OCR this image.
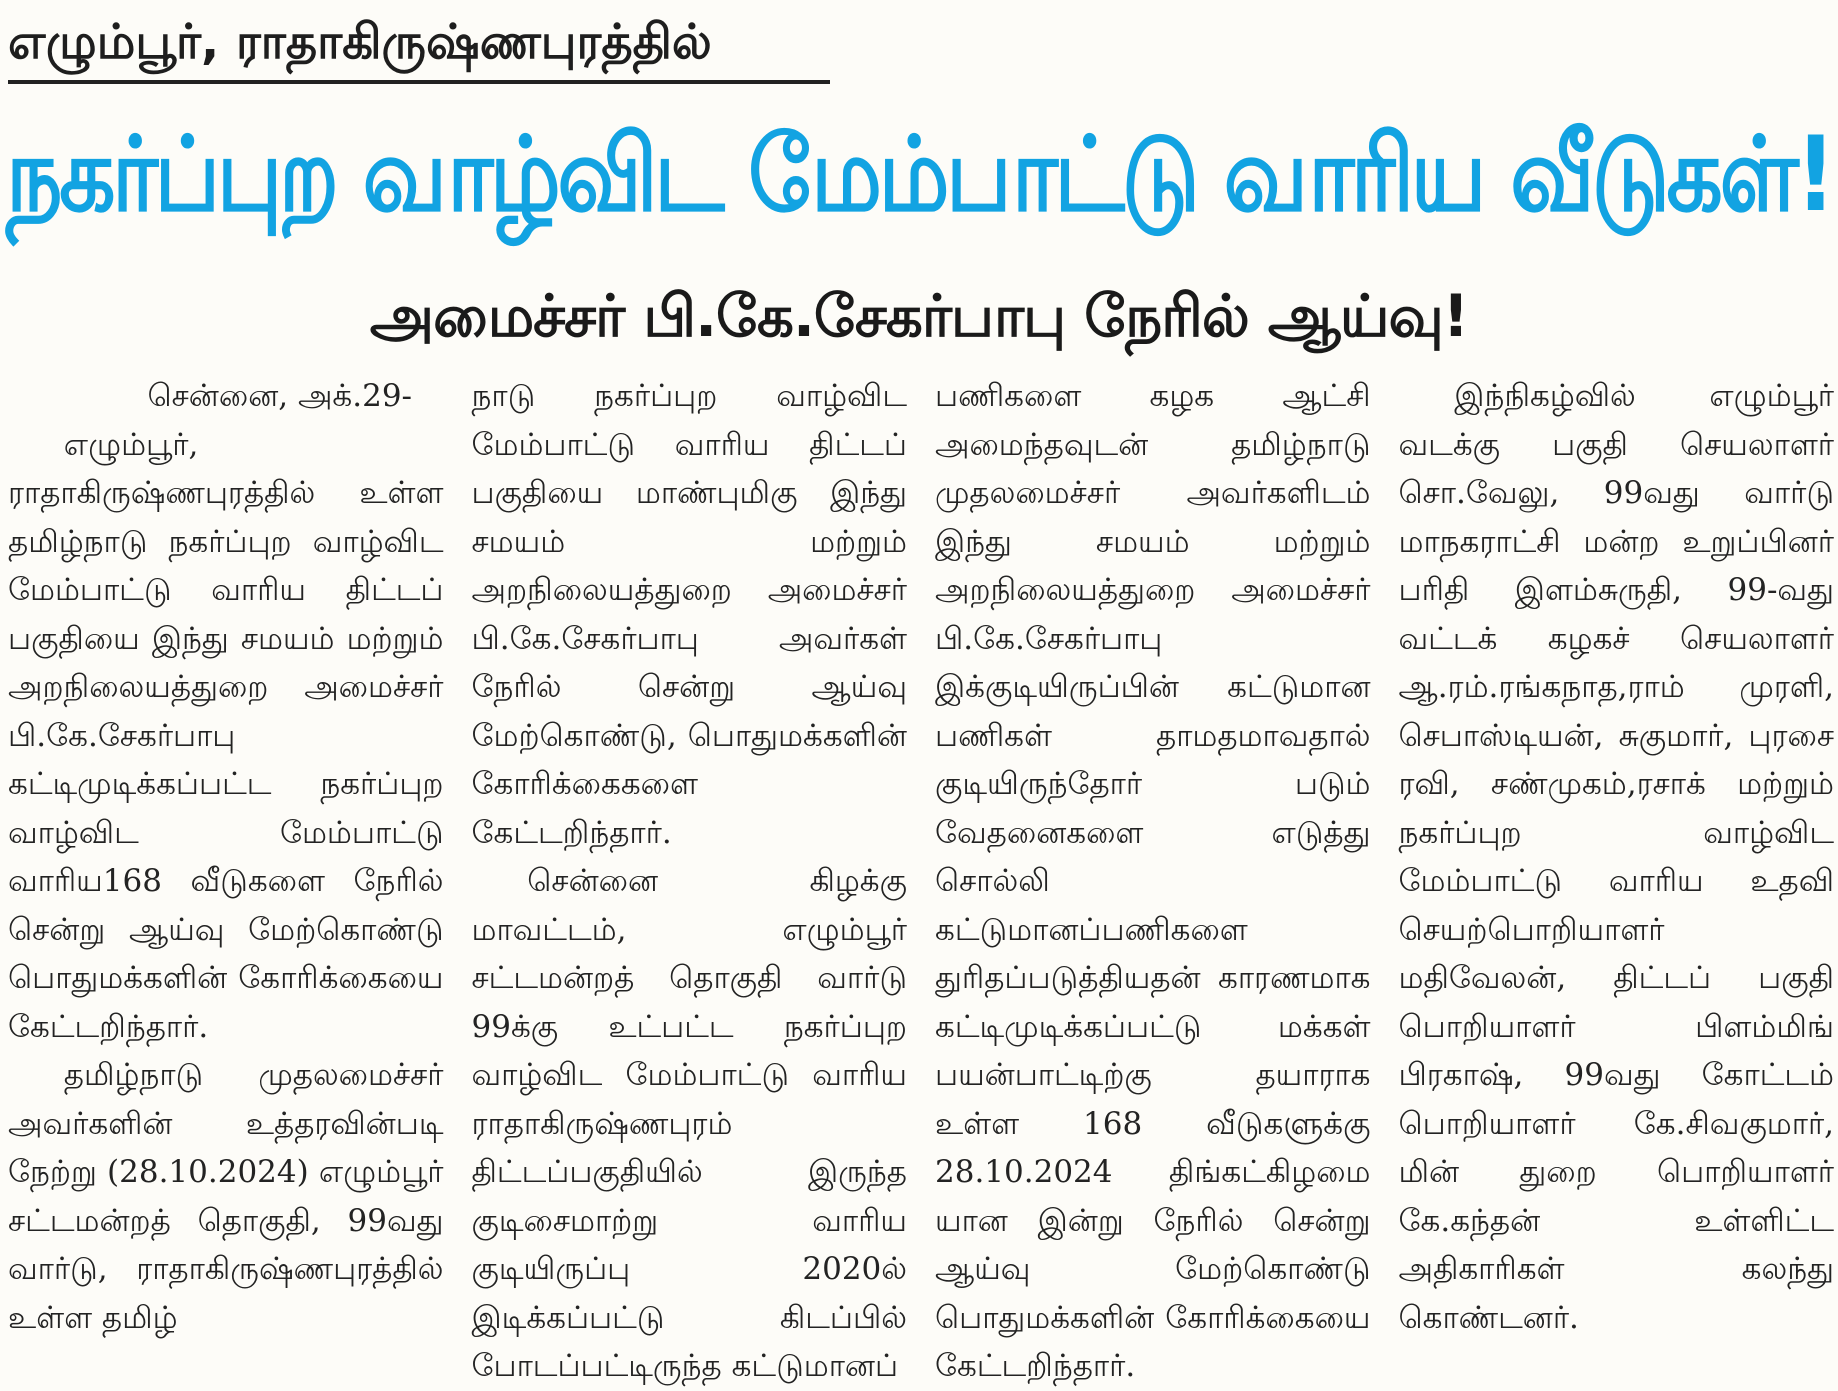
எழும்பூர், ராதாகிருஷ்ணபுரத்தில்
நகர்ப்புற வாழ்விட மேம்பாட்டு வாரிய வீடுகள்!
அமைச்சர் பி.கே.சேகர்பாபு நேரில் ஆய்வு!

சென்னை, அக்.29-

எழும்பூர், ராதாகிருஷ்ணபுரத்தில் உள்ள தமிழ்நாடு நகர்ப்புற வாழ்விட மேம்பாட்டு வாரிய திட்டப் பகுதியை இந்து சமயம் மற்றும் அறநிலையத்துறை அமைச்சர் பி.கே.சேகர்பாபு கட்டிமுடிக்கப்பட்ட நகர்ப்புற வாழ்விட மேம்பாட்டு வாரிய168 வீடுகளை நேரில் சென்று ஆய்வு மேற்கொண்டு பொதுமக்களின் கோரிக்கையை கேட்டறிந்தார்.

தமிழ்நாடு முதலமைச்சர் அவர்களின் உத்தரவின்படி நேற்று (28.10.2024) எழும்பூர் சட்டமன்றத் தொகுதி, 99வது வார்டு, ராதாகிருஷ்ணபுரத்தில் உள்ள தமிழ்

நாடு நகர்ப்புற வாழ்விட மேம்பாட்டு வாரிய திட்டப் பகுதியை மாண்புமிகு இந்து சமயம் மற்றும் அறநிலையத்துறை அமைச்சர் பி.கே.சேகர்பாபு அவர்கள் நேரில் சென்று ஆய்வு மேற்கொண்டு, பொதுமக்களின் கோரிக்கைகளை கேட்டறிந்தார்.

சென்னை கிழக்கு மாவட்டம், எழும்பூர் சட்டமன்றத் தொகுதி வார்டு 99க்கு உட்பட்ட நகர்ப்புற வாழ்விட மேம்பாட்டு வாரிய ராதாகிருஷ்ணபுரம் திட்டப்பகுதியில் இருந்த குடிசைமாற்று வாரிய குடியிருப்பு 2020ல் இடிக்கப்பட்டு கிடப்பில் போடப்பட்டிருந்த கட்டுமானப்

பணிகளை கழக ஆட்சி அமைந்தவுடன் தமிழ்நாடு முதலமைச்சர் அவர்களிடம் இந்து சமயம் மற்றும் அறநிலையத்துறை அமைச்சர் பி.கே.சேகர்பாபு இக்குடியிருப்பின் கட்டுமான பணிகள் தாமதமாவதால் குடியிருந்தோர் படும் வேதனைகளை எடுத்து சொல்லி கட்டுமானப்பணிகளை துரிதப்படுத்தியதன் காரணமாக கட்டிமுடிக்கப்பட்டு மக்கள் பயன்பாட்டிற்கு தயாராக உள்ள 168 வீடுகளுக்கு 28.10.2024 திங்கட்கிழமை யான இன்று நேரில் சென்று ஆய்வு மேற்கொண்டு பொதுமக்களின் கோரிக்கையை கேட்டறிந்தார்.

இந்நிகழ்வில் எழும்பூர் வடக்கு பகுதி செயலாளர் சொ.வேலு, 99வது வார்டு மாநகராட்சி மன்ற உறுப்பினர் பரிதி இளம்சுருதி, 99-வது வட்டக் கழகச் செயலாளர் ஆ.ரம்.ரங்கநாத,ராம் முரளி, செபாஸ்டியன், சுகுமார், புரசை ரவி, சண்முகம்,ரசாக் மற்றும் நகர்ப்புற வாழ்விட மேம்பாட்டு வாரிய உதவி செயற்பொறியாளர் மதிவேலன், திட்டப் பகுதி பொறியாளர் பிளம்மிங் பிரகாஷ், 99வது கோட்டம் பொறியாளர் கே.சிவகுமார், மின் துறை பொறியாளர் கே.கந்தன் உள்ளிட்ட அதிகாரிகள் கலந்து கொண்டனர்.
